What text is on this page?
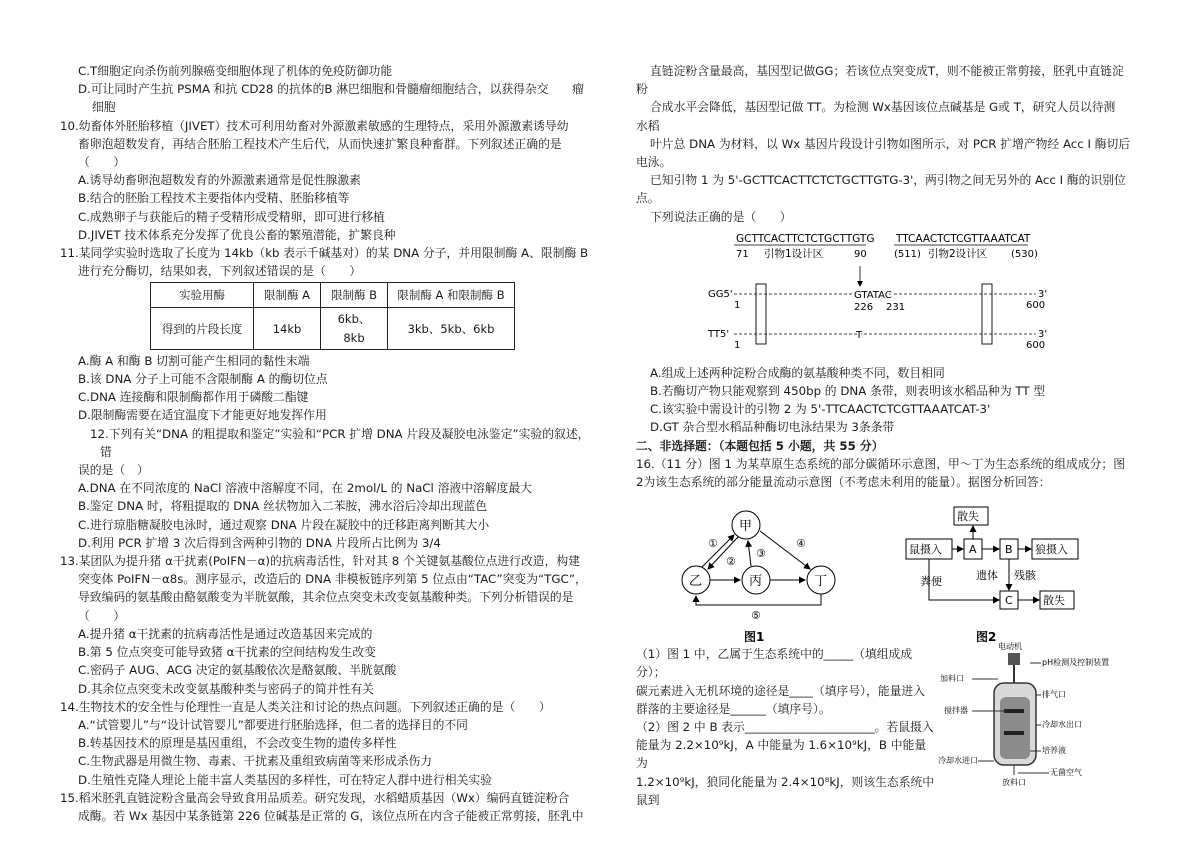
C.T细胞定向杀伤前列腺癌变细胞体现了机体的免疫防御功能

D.可让同时产生抗 PSMA 和抗 CD28 的抗体的B 淋巴细胞和骨髓瘤细胞结合，以获得杂交　　瘤

细胞

10.幼畜体外胚胎移植（JIVET）技术可利用幼畜对外源激素敏感的生理特点，采用外源激素诱导幼

畜卵泡超数发育，再结合胚胎工程技术产生后代，从而快速扩繁良种畜群。下列叙述正确的是（　　）

A.诱导幼畜卵泡超数发育的外源激素通常是促性腺激素

B.结合的胚胎工程技术主要指体内受精、胚胎移植等

C.成熟卵子与获能后的精子受精形成受精卵，即可进行移植

D.JIVET 技术体系充分发挥了优良公畜的繁殖潜能，扩繁良种

11.某同学实验时选取了长度为 14kb（kb 表示千碱基对）的某 DNA 分子，并用限制酶 A、限制酶 B

进行充分酶切，结果如表，下列叙述错误的是（　　）

实验用酶	限制酶 A	限制酶 B	限制酶 A 和限制酶 B
得到的片段长度	14kb	6kb、8kb	3kb、5kb、6kb

A.酶 A 和酶 B 切割可能产生相同的黏性末端

B.该 DNA 分子上可能不含限制酶 A 的酶切位点

C.DNA 连接酶和限制酶都作用于磷酸二酯键

D.限制酶需要在适宜温度下才能更好地发挥作用

12.下列有关“DNA 的粗提取和鉴定”实验和“PCR 扩增 DNA 片段及凝胶电泳鉴定”实验的叙述，

错

误的是（　）

A.DNA 在不同浓度的 NaCl 溶液中溶解度不同，在 2mol/L 的 NaCl 溶液中溶解度最大

B.鉴定 DNA 时，将粗提取的 DNA 丝状物加入二苯胺，沸水浴后冷却出现蓝色

C.进行琼脂糖凝胶电泳时，通过观察 DNA 片段在凝胶中的迁移距离判断其大小

D.利用 PCR 扩增 3 次后得到含两种引物的 DNA 片段所占比例为 3/4

13.某团队为提升猪 α干扰素(PoIFN－α)的抗病毒活性，针对其 8 个关键氨基酸位点进行改造，构建

突变体 PoIFN－α8s。测序显示，改造后的 DNA 非模板链序列第 5 位点由“TAC”突变为“TGC”，

导致编码的氨基酸由酪氨酸变为半胱氨酸，其余位点突变未改变氨基酸种类。下列分析错误的是（　　）

A.提升猪 α干扰素的抗病毒活性是通过改造基因来完成的

B.第 5 位点突变可能导致猪 α干扰素的空间结构发生改变

C.密码子 AUG、ACG 决定的氨基酸依次是酪氨酸、半胱氨酸

D.其余位点突变未改变氨基酸种类与密码子的简并性有关

14.生物技术的安全性与伦理性一直是人类关注和讨论的热点问题。下列叙述正确的是（　　）

A.“试管婴儿”与“设计试管婴儿”都要进行胚胎选择，但二者的选择目的不同

B.转基因技术的原理是基因重组，不会改变生物的遗传多样性

C.生物武器是用微生物、毒素、干扰素及重组致病菌等来形成杀伤力

D.生殖性克隆人理论上能丰富人类基因的多样性，可在特定人群中进行相关实验

15.稻米胚乳直链淀粉含量高会导致食用品质差。研究发现，水稻蜡质基因（Wx）编码直链淀粉合

成酶。若 Wx 基因中某条链第 226 位碱基是正常的 G，该位点所在内含子能被正常剪接，胚乳中

直链淀粉含量最高，基因型记做GG；若该位点突变成T，则不能被正常剪接，胚乳中直链淀

粉

合成水平会降低，基因型记做 TT。为检测 Wx基因该位点碱基是 G或 T，研究人员以待测

水稻

叶片总 DNA 为材料，以 Wx 基因片段设计引物如图所示，对 PCR 扩增产物经 Acc I 酶切后

电泳。

已知引物 1 为 5'-GCTTCACTTCTCTGCTTGTG-3'，两引物之间无另外的 Acc I 酶的识别位

点。

下列说法正确的是（　　）

GCTTCACTTCTCTGCTTGTG
71 引物1设计区	90
TTCAACTCTCGTTAAATCAT
(511) 引物2设计区 (530)
GG5'	3'
GTATAC
226 231
1	600
TT5'	3'
T
1	600

A.组成上述两种淀粉合成酶的氨基酸种类不同，数目相同

B.若酶切产物只能观察到 450bp 的 DNA 条带，则表明该水稻品种为 TT 型

C.该实验中需设计的引物 2 为 5'-TTCAACTCTCGTTAAATCAT-3'

D.GT 杂合型水稻品种酶切电泳结果为 3条条带

二、非选择题：（本题包括 5 小题，共 55 分）

16.（11 分）图 1 为某草原生态系统的部分碳循环示意图，甲～丁为生态系统的组成成分；图

2为该生态系统的部分能量流动示意图（不考虑未利用的能量）。据图分析回答：

甲
乙	丙	丁
①
②
③
④
⑤
图1
散失
鼠摄入 A	B 狼摄入
遗体 残骸
粪便
C	散失
图2

（1）图 1 中，乙属于生态系统中的_____（填组成成分）；

碳元素进入无机环境的途径是____（填序号），能量进入

群落的主要途径是______（填序号）。

（2）图 2 中 B 表示______________________。若鼠摄入

能量为 2.2×10⁹kJ，A 中能量为 1.6×10⁹kJ，B 中能量为

1.2×10⁹kJ，狼同化能量为 2.4×10⁸kJ，则该生态系统中鼠到

电动机
pH检测及控制装置
加料口
排气口
搅拌器
冷却水出口
培养液
冷却水进口
无菌空气
放料口
